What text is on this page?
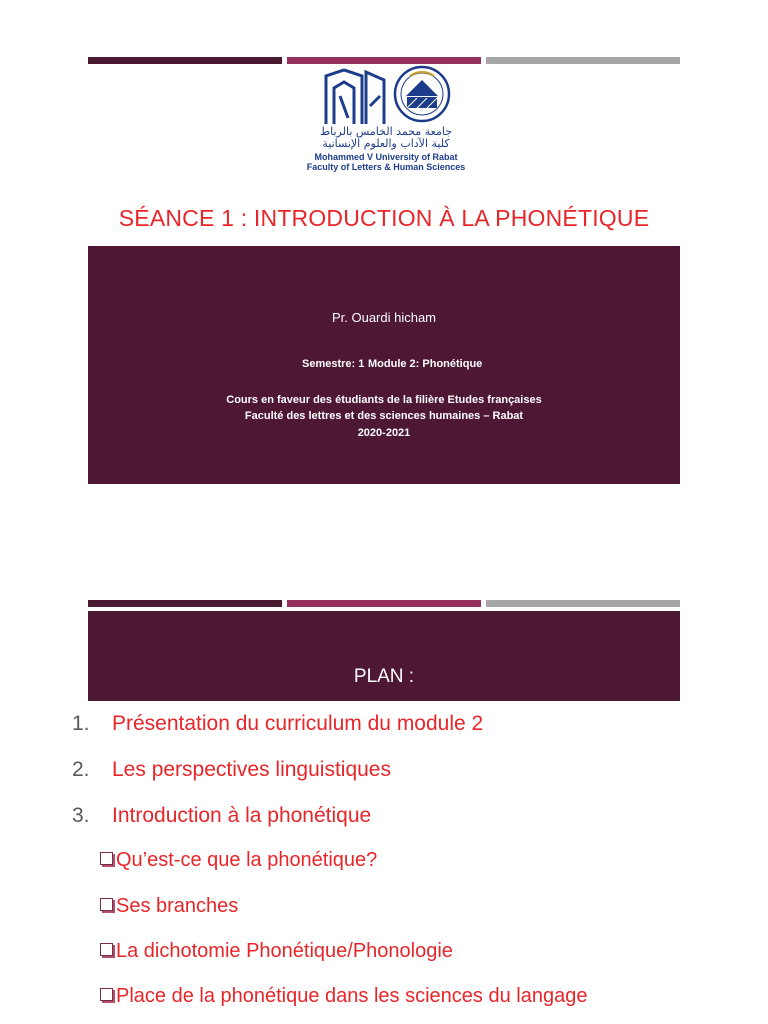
جامعة محمد الخامس بالرباط
كلية الآداب والعلوم الإنسانية
Mohammed V University of Rabat
Faculty of Letters & Human Sciences
SÉANCE 1 : INTRODUCTION À LA PHONÉTIQUE
Pr. Ouardi hicham
Semestre: 1 Module 2: Phonétique
Cours en faveur des étudiants de la filière Etudes françaises
Faculté des lettres et des sciences humaines – Rabat
2020-2021
PLAN :
1. Présentation du curriculum du module 2
2. Les perspectives linguistiques
3. Introduction à la phonétique
Qu’est-ce que la phonétique?
Ses branches
La dichotomie Phonétique/Phonologie
Place de la phonétique dans les sciences du langage
